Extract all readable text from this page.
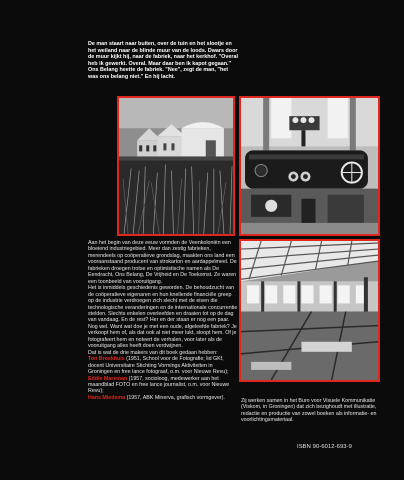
De man staart naar buiten, over de tuin en het slootje en het weiland naar de blinde muur van de loods. Dwars door de muur kijkt hij, naar de fabriek, naar het kerkhof. "Overal heb ik gewerkt. Overal. Maar daar ben ik kapot gegaan." Ons Belang heette de fabriek. "Nee", zegt de man, "het was ons belang niet." En hij lacht.

Aan het begin van deze eeuw vormden de Veenkoloniën een bloeiend industriegebied. Meer dan zestig fabrieken, merendeels op coöperatieve grondslag, maakten ons land een vooraanstaand producent van strokarton en aardappelmeel. De fabrieken droegen trotse en optimistische namen als De Eendracht, Ons Belang, De Vrijheid en De Toekomst. Ze waren een toonbeeld van vooruitgang.

Het is inmiddels geschiedenis geworden. De behoudzucht van de coöperatieve eigenaren en hun knellende financiële greep op de industrie verdroegen zich slecht met de eisen die technologische veranderingen en de internationale concurrentie stelden. Slechts enkelen overleefden en draaien tot op de dag van vandaag. En de rest? Her en der staan er nog een paar. Nog wel. Want wat doe je met een oude, afgeleefde fabriek? Je verkoopt hem of, als dat ook al niet meer lukt, sloopt hem. Of je fotografeert hem en noteert de verhalen, voor later als de vooruitgang alles heeft doen verdwijnen.

Dat is wat de drie makers van dit boek gedaan hebben:

Ton Broekhuis (1951, School voor de Fotografie; lid GKf, docent Universitaire Stichting Vormings Aktiviteiten in Groningen en free lance fotograaf, o.m. voor Nieuwe Revu);

Eddie Marsman (1957, socioloog, medewerker aan het maandblad FOTO en free lance journalist, o.m. voor Nieuwe Revu);

Hans Miedema (1957, ABK Minerva, grafisch vormgever).

Zij werken samen in het Buro voor Visuele Kommunikatie (Viskom, in Groningen) dat zich bezighoudt met illustratie, redactie en productie van zowel boeken als informatie- en voorlichtingsmateriaal.
ISBN 90-6012-693-9
